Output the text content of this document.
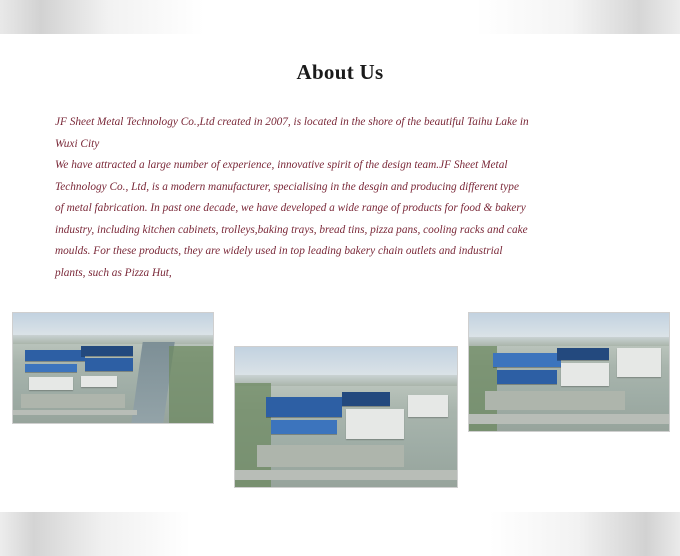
About Us

JF Sheet Metal Technology Co.,Ltd created in 2007, is located in the shore of the beautiful Taihu Lake in Wuxi City

We have attracted a large number of experience, innovative spirit of the design team.JF Sheet Metal Technology Co., Ltd, is a modern manufacturer, specialising in the desgin and producing different type of metal fabrication. In past one decade, we have developed a wide range of products for food & bakery industry, including kitchen cabinets, trolleys,baking trays, bread tins, pizza pans, cooling racks and cake moulds. For these products, they are widely used in top leading bakery chain outlets and industrial plants, such as Pizza Hut,
